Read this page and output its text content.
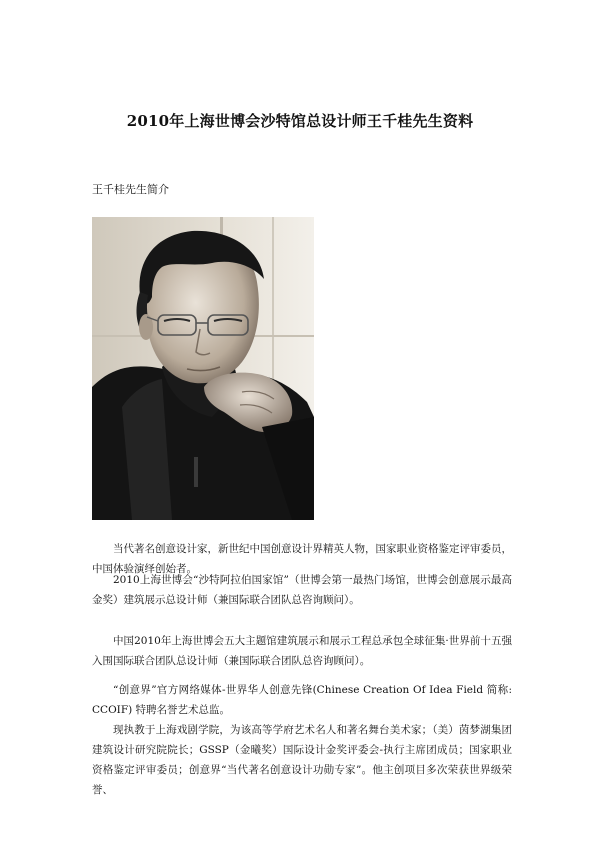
2010年上海世博会沙特馆总设计师王千桂先生资料
王千桂先生简介

当代著名创意设计家，新世纪中国创意设计界精英人物，国家职业资格鉴定评审委员，中国体验演绎创始者。

2010上海世博会“沙特阿拉伯国家馆”（世博会第一最热门场馆，世博会创意展示最高金奖）建筑展示总设计师（兼国际联合团队总咨询顾问）。

中国2010年上海世博会五大主题馆建筑展示和展示工程总承包全球征集·世界前十五强入围国际联合团队总设计师（兼国际联合团队总咨询顾问）。

“创意界”官方网络媒体-世界华人创意先锋(Chinese Creation Of Idea Field 简称: CCOIF) 特聘名誉艺术总监。

现执教于上海戏剧学院，为该高等学府艺术名人和著名舞台美术家；（美）茵梦湖集团建筑设计研究院院长；GSSP（金曦奖）国际设计金奖评委会-执行主席团成员；国家职业资格鉴定评审委员；创意界“当代著名创意设计功勋专家”。他主创项目多次荣获世界级荣誉、
